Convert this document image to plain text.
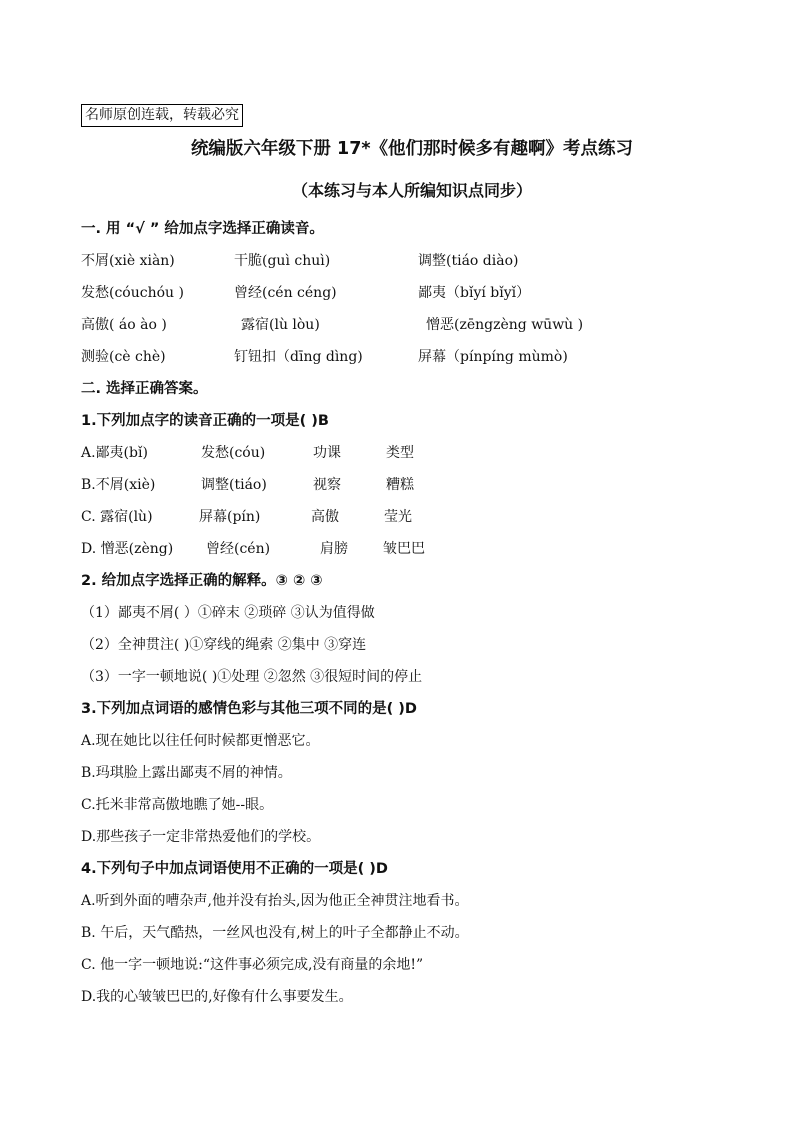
名师原创连载，转载必究
统编版六年级下册 17*《他们那时候多有趣啊》考点练习
（本练习与本人所编知识点同步）
一. 用 “√ ” 给加点字选择正确读音。
不屑(xiè xiàn)	干脆(guì chuì)	调整(tiáo diào)
发愁(cóuchóu )	曾经(cén céng)	鄙夷（bǐyí bǐyǐ）
高傲( áo ào )	露宿(lù lòu)	憎恶(zēngzèng wūwù )
测验(cè chè)	钉钮扣（dīng dìng)	屏幕（pínpíng mùmò)
二. 选择正确答案。
1.下列加点字的读音正确的一项是( )B
A.鄙夷(bǐ)	发愁(cóu)	功课	类型
B.不屑(xiè)	调整(tiáo)	视察	糟糕
C. 露宿(lù)	屏幕(pín)	高傲	莹光
D. 憎恶(zèng) 曾经(cén)	肩膀	皱巴巴
2. 给加点字选择正确的解释。③ ② ③
（1）鄙夷不屑( ）①碎末 ②琐碎 ③认为值得做
（2）全神贯注( )①穿线的绳索 ②集中 ③穿连
（3）一字一顿地说( )①处理 ②忽然 ③很短时间的停止
3.下列加点词语的感情色彩与其他三项不同的是( )D
A.现在她比以往任何时候都更憎恶它。
B.玛琪脸上露出鄙夷不屑的神情。
C.托米非常高傲地瞧了她--眼。
D.那些孩子一定非常热爱他们的学校。
4.下列句子中加点词语使用不正确的一项是( )D
A.听到外面的嘈杂声,他并没有抬头,因为他正全神贯注地看书。
B. 午后，天气酷热，一丝风也没有,树上的叶子全都静止不动。
C. 他一字一顿地说:“这件事必须完成,没有商量的余地!”
D.我的心皱皱巴巴的,好像有什么事要发生。
